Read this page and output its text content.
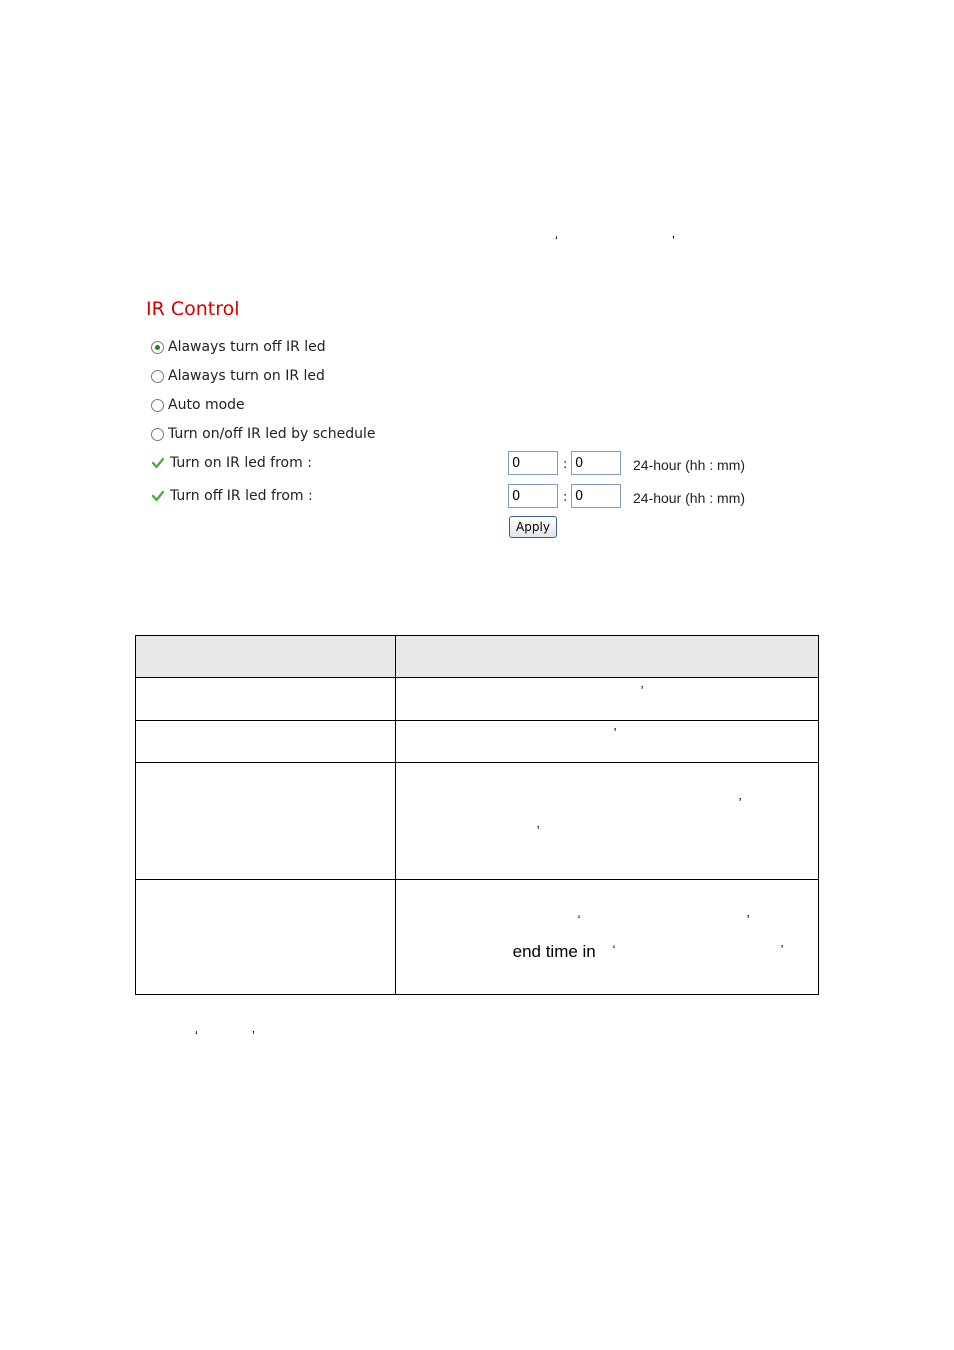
‘	’
IR Control
Alaways turn off IR led
Alaways turn on IR led
Auto mode
Turn on/off IR led by schedule
Turn on IR led from :
0	:
0	24-hour (hh : mm)
Turn off IR led from :
0	:
0	24-hour (hh : mm)
Apply

	’

	’

	’
’

	‘ ’
end time in ‘ ’
‘	’
